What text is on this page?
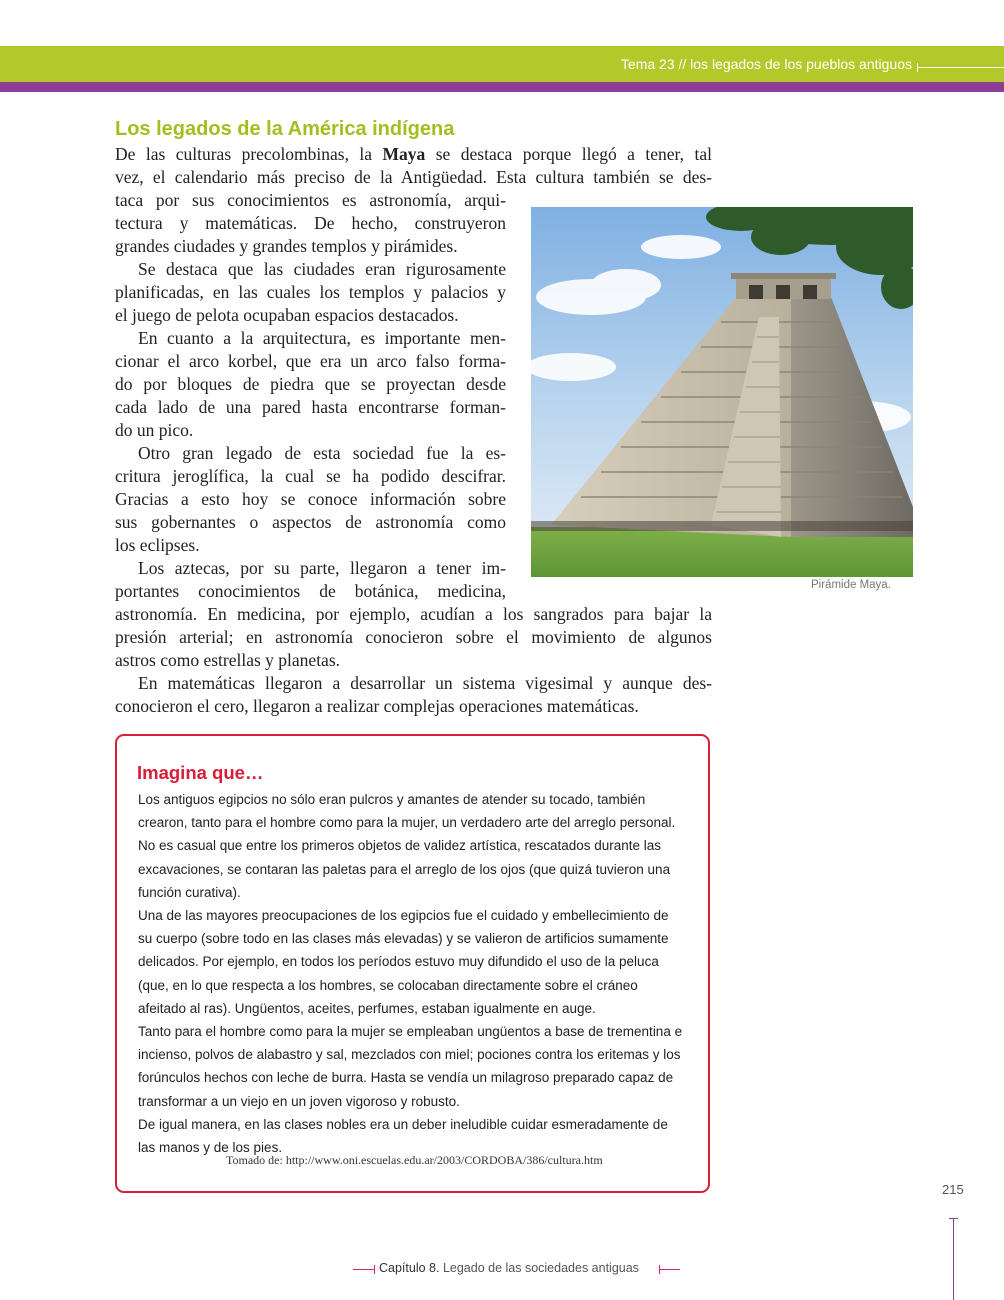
Tema 23 // los legados de los pueblos antiguos
Los legados de la América indígena

De las culturas precolombinas, la Maya se destaca porque llegó a tener, tal

vez, el calendario más preciso de la Antigüedad. Esta cultura también se des-

taca por sus conocimientos es astronomía, arqui-

tectura y matemáticas. De hecho, construyeron

grandes ciudades y grandes templos y pirámides.

Se destaca que las ciudades eran rigurosamente

planificadas, en las cuales los templos y palacios y

el juego de pelota ocupaban espacios destacados.

En cuanto a la arquitectura, es importante men-

cionar el arco korbel, que era un arco falso forma-

do por bloques de piedra que se proyectan desde

cada lado de una pared hasta encontrarse forman-

do un pico.

Otro gran legado de esta sociedad fue la es-

critura jeroglífica, la cual se ha podido descifrar.

Gracias a esto hoy se conoce información sobre

sus gobernantes o aspectos de astronomía como

los eclipses.

Los aztecas, por su parte, llegaron a tener im-

portantes conocimientos de botánica, medicina,

astronomía. En medicina, por ejemplo, acudían a los sangrados para bajar la

presión arterial; en astronomía conocieron sobre el movimiento de algunos

astros como estrellas y planetas.

En matemáticas llegaron a desarrollar un sistema vigesimal y aunque des-

conocieron el cero, llegaron a realizar complejas operaciones matemáticas.

Pirámide Maya.

Imagina que…
Los antiguos egipcios no sólo eran pulcros y amantes de atender su tocado, también
crearon, tanto para el hombre como para la mujer, un verdadero arte del arreglo personal.
No es casual que entre los primeros objetos de validez artística, rescatados durante las
excavaciones, se contaran las paletas para el arreglo de los ojos (que quizá tuvieron una
función curativa).
Una de las mayores preocupaciones de los egipcios fue el cuidado y embellecimiento de
su cuerpo (sobre todo en las clases más elevadas) y se valieron de artificios sumamente
delicados. Por ejemplo, en todos los períodos estuvo muy difundido el uso de la peluca
(que, en lo que respecta a los hombres, se colocaban directamente sobre el cráneo
afeitado al ras). Ungüentos, aceites, perfumes, estaban igualmente en auge.
Tanto para el hombre como para la mujer se empleaban ungüentos a base de trementina e
incienso, polvos de alabastro y sal, mezclados con miel; pociones contra los eritemas y los
forúnculos hechos con leche de burra. Hasta se vendía un milagroso preparado capaz de
transformar a un viejo en un joven vigoroso y robusto.
De igual manera, en las clases nobles era un deber ineludible cuidar esmeradamente de
las manos y de los pies.

Tomado de: http://www.oni.escuelas.edu.ar/2003/CORDOBA/386/cultura.htm

215

Capítulo 8. Legado de las sociedades antiguas
